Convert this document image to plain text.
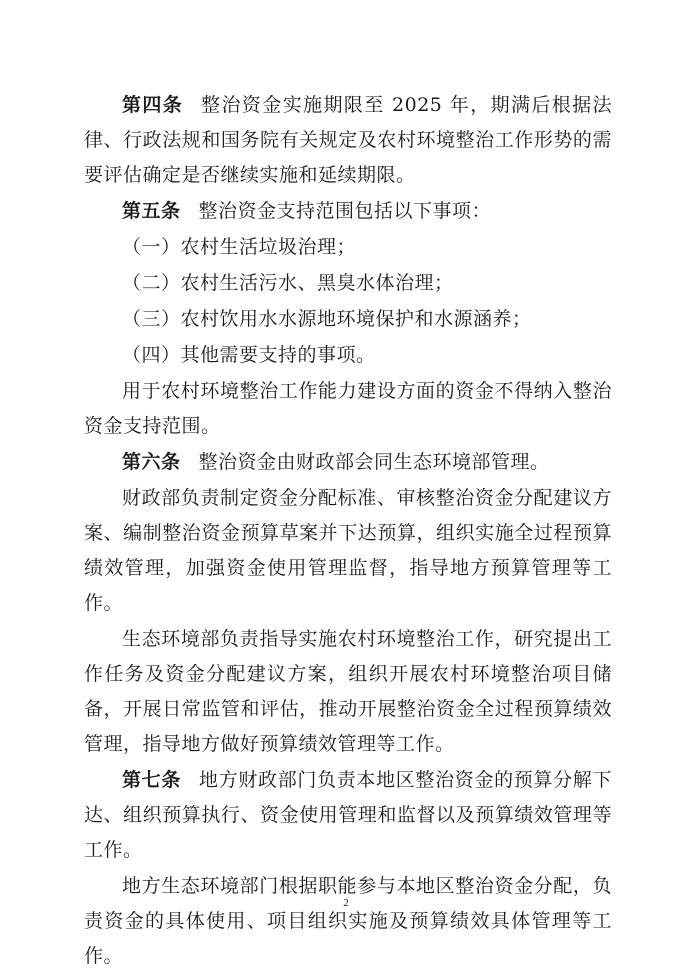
第四条 整治资金实施期限至 2025 年，期满后根据法律、行政法规和国务院有关规定及农村环境整治工作形势的需要评估确定是否继续实施和延续期限。

第五条 整治资金支持范围包括以下事项：

（一）农村生活垃圾治理；

（二）农村生活污水、黑臭水体治理；

（三）农村饮用水水源地环境保护和水源涵养；

（四）其他需要支持的事项。

用于农村环境整治工作能力建设方面的资金不得纳入整治资金支持范围。

第六条 整治资金由财政部会同生态环境部管理。

财政部负责制定资金分配标准、审核整治资金分配建议方案、编制整治资金预算草案并下达预算，组织实施全过程预算绩效管理，加强资金使用管理监督，指导地方预算管理等工作。

生态环境部负责指导实施农村环境整治工作，研究提出工作任务及资金分配建议方案，组织开展农村环境整治项目储备，开展日常监管和评估，推动开展整治资金全过程预算绩效管理，指导地方做好预算绩效管理等工作。

第七条 地方财政部门负责本地区整治资金的预算分解下达、组织预算执行、资金使用管理和监督以及预算绩效管理等工作。

地方生态环境部门根据职能参与本地区整治资金分配，负责资金的具体使用、项目组织实施及预算绩效具体管理等工作。

2
